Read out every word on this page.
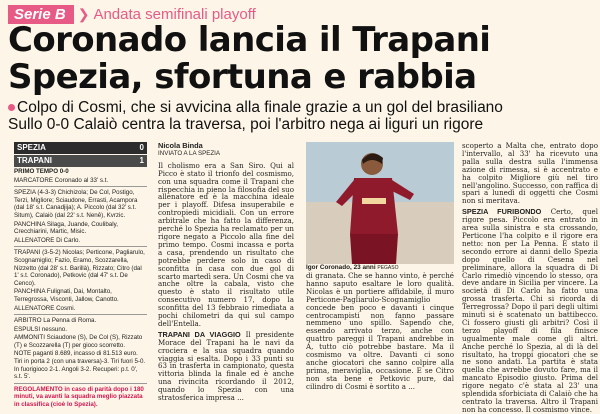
Serie B ❯ Andata semifinali playoff
Coronado lancia il Trapani
Spezia, sfortuna e rabbia
Colpo di Cosmi, che si avvicina alla finale grazie a un gol del brasiliano
Sullo 0-0 Calaiò centra la traversa, poi l'arbitro nega ai liguri un rigore
SPEZIA	0
TRAPANI	1
PRIMO TEMPO 0-0
MARCATORE Coronado al 33' s.t.
SPEZIA (4-3-3) Chichizola; De Col, Postigo, Terzi, Migliore; Sciaudone, Errasti, Acampora (dal 18' s.t. Canadjija); A. Piccolo (dal 32' s.t. Situm), Calaiò (dal 22' s.t. Nenê), Kvrzic.
PANCHINA Silaga, Juande, Coulibaly, Crecchiarini, Martic, Misic.
ALLENATORE Di Carlo.
TRAPANI (3-5-2) Nicolas; Perticone, Pagliarulo, Scognamiglio; Fazio, Eramo, Scozzarella, Nizzetto (dal 28' s.t. Barillà), Rizzato; Citro (dal 1' s.t. Coronado), Petkovic (dal 47' s.t. De Cenco).
PANCHINA Fulignati, Dai, Montalto, Terregrossa, Visconti, Jallow, Canotto.
ALLENATORE Cosmi.
ARBITRO La Penna di Roma.
ESPULSI nessuno.
AMMONITI Sciaudone (S), De Col (S), Rizzato (T) e Scozzarella (T) per gioco scorretto.
NOTE paganti 8.689, incasso di 81.513 euro. Tiri in porta 2 (con una traversa)-3. Tiri fuori 5-0. In fuorigioco 2-1. Angoli 3-2. Recuperi: p.t. 0', s.t. 5'.
REGOLAMENTO in caso di parità dopo i 180 minuti, va avanti la squadra meglio piazzata in classifica (cioè lo Spezia).
Nicola Binda
INVIATO A LA SPEZIA

Il cholismo era a San Siro. Qui al Picco è stato il trionfo del cosmismo, con una squadra come il Trapani che rispecchia in pieno la filosofia del suo allenatore ed è la macchina ideale per i playoff. Difesa insuperabile e contropiedi micidiali. Con un errore arbitrale che ha fatto la differenza, perché lo Spezia ha reclamato per un rigore negato a Piccolo alla fine del primo tempo. Cosmi incassa e porta a casa, prendendo un risultato che potrebbe perdere solo in caso di sconfitta in casa con due gol di scarto martedì sera. Un Cosmi che va anche oltre la cabala, visto che questo è stato il risultato utile consecutivo numero 17, dopo la sconfitta del 13 febbraio rimediata a pochi chilometri da qui sul campo dell'Entella.

TRAPANI DA VIAGGIO Il presidente Morace del Trapani ha le navi da crociera e la sua squadra quando viaggia si esalta. Dopo i 33 punti su 63 in trasferta in campionato, questa vittoria blinda la finale ed è anche una rivincita ricordando il 2012, quando lo Spezia con una stratosferica impresa ...

Igor Coronado, 23 anni PEGASO

di granata. Che se hanno vinto, è perché hanno saputo esaltare le loro qualità. Nicolas è un portiere affidabile, il muro Perticone-Pagliarulo-Scognamiglio concede ben poco e davanti i cinque centrocampisti non fanno passare nemmeno uno spillo. Sapendo che, essendo arrivato terzo, anche con quattro pareggi il Trapani andrebbe in A, tutto ciò potrebbe bastare. Ma il cosmismo va oltre. Davanti ci sono anche giocatori che sanno colpire alla prima, meraviglia, occasione. E se Citro non sta bene e Petkovic pure, dal cilindro di Cosmi è sortito a ...

scoperto a Malta che, entrato dopo l'intervallo, al 33' ha ricevuto una palla sulla destra sulla l'immensa azione di rimessa, si è accentrato e ha colpito Migliore giù nel tiro nell'angolino. Successo, con raffica di spari a lunedì di oggetti che Cosmi non si meritava.

SPEZIA FURIBONDO Certo, quel rigore pesa. Piccolo era entrato in area sulla sinistra e sta crossando, Perticone l'ha colpito e il rigore era netto: non per La Penna. È stato il secondo errore ai danni dello Spezia dopo quello di Cesena nel preliminare, allora la squadra di Di Carlo rimediò vincendo lo stesso, ora deve andare in Sicilia per vincere. La società di Di Carlo ha fatto una grossa trasferta. Chi si ricorda di Terregrossa? Dopo il pari degli ultimi minuti si è scatenato un battibecco. Ci fossero giusti gli arbitri? Così il terzo playoff di fila finisce ugualmente male come gli altri. Anche perché lo Spezia, al di là del risultato, ha troppi giocatori che se ne sono andati. La partita è stata quella che avrebbe dovuto fare, ma il mancato Episodio giusto. Prima del rigore negato c'è stata al 23' una splendida sforbiciata di Calaiò che ha centrato la traversa. Altro il Trapani non ha concesso. Il cosmismo vince.
